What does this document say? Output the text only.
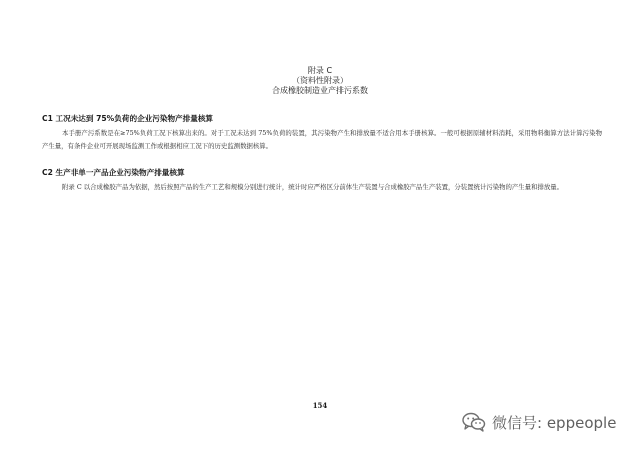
附录 C
（资料性附录）
合成橡胶制造业产排污系数
C1 工况未达到 75%负荷的企业污染物产排量核算
本手册产污系数是在≥75%负荷工况下核算出来的。对于工况未达到 75%负荷的装置，其污染物产生和排放量不适合用本手册核算。一般可根据原辅材料消耗，采用物料衡算方法计算污染物产生量，有条件企业可开展现场监测工作或根据相应工况下的历史监测数据核算。
C2 生产非单一产品企业污染物产排量核算
附录 C 以合成橡胶产品为依据，然后按照产品的生产工艺和规模分别进行统计，统计时应严格区分前体生产装置与合成橡胶产品生产装置，分装置统计污染物的产生量和排放量。
154
微信号: eppeople
